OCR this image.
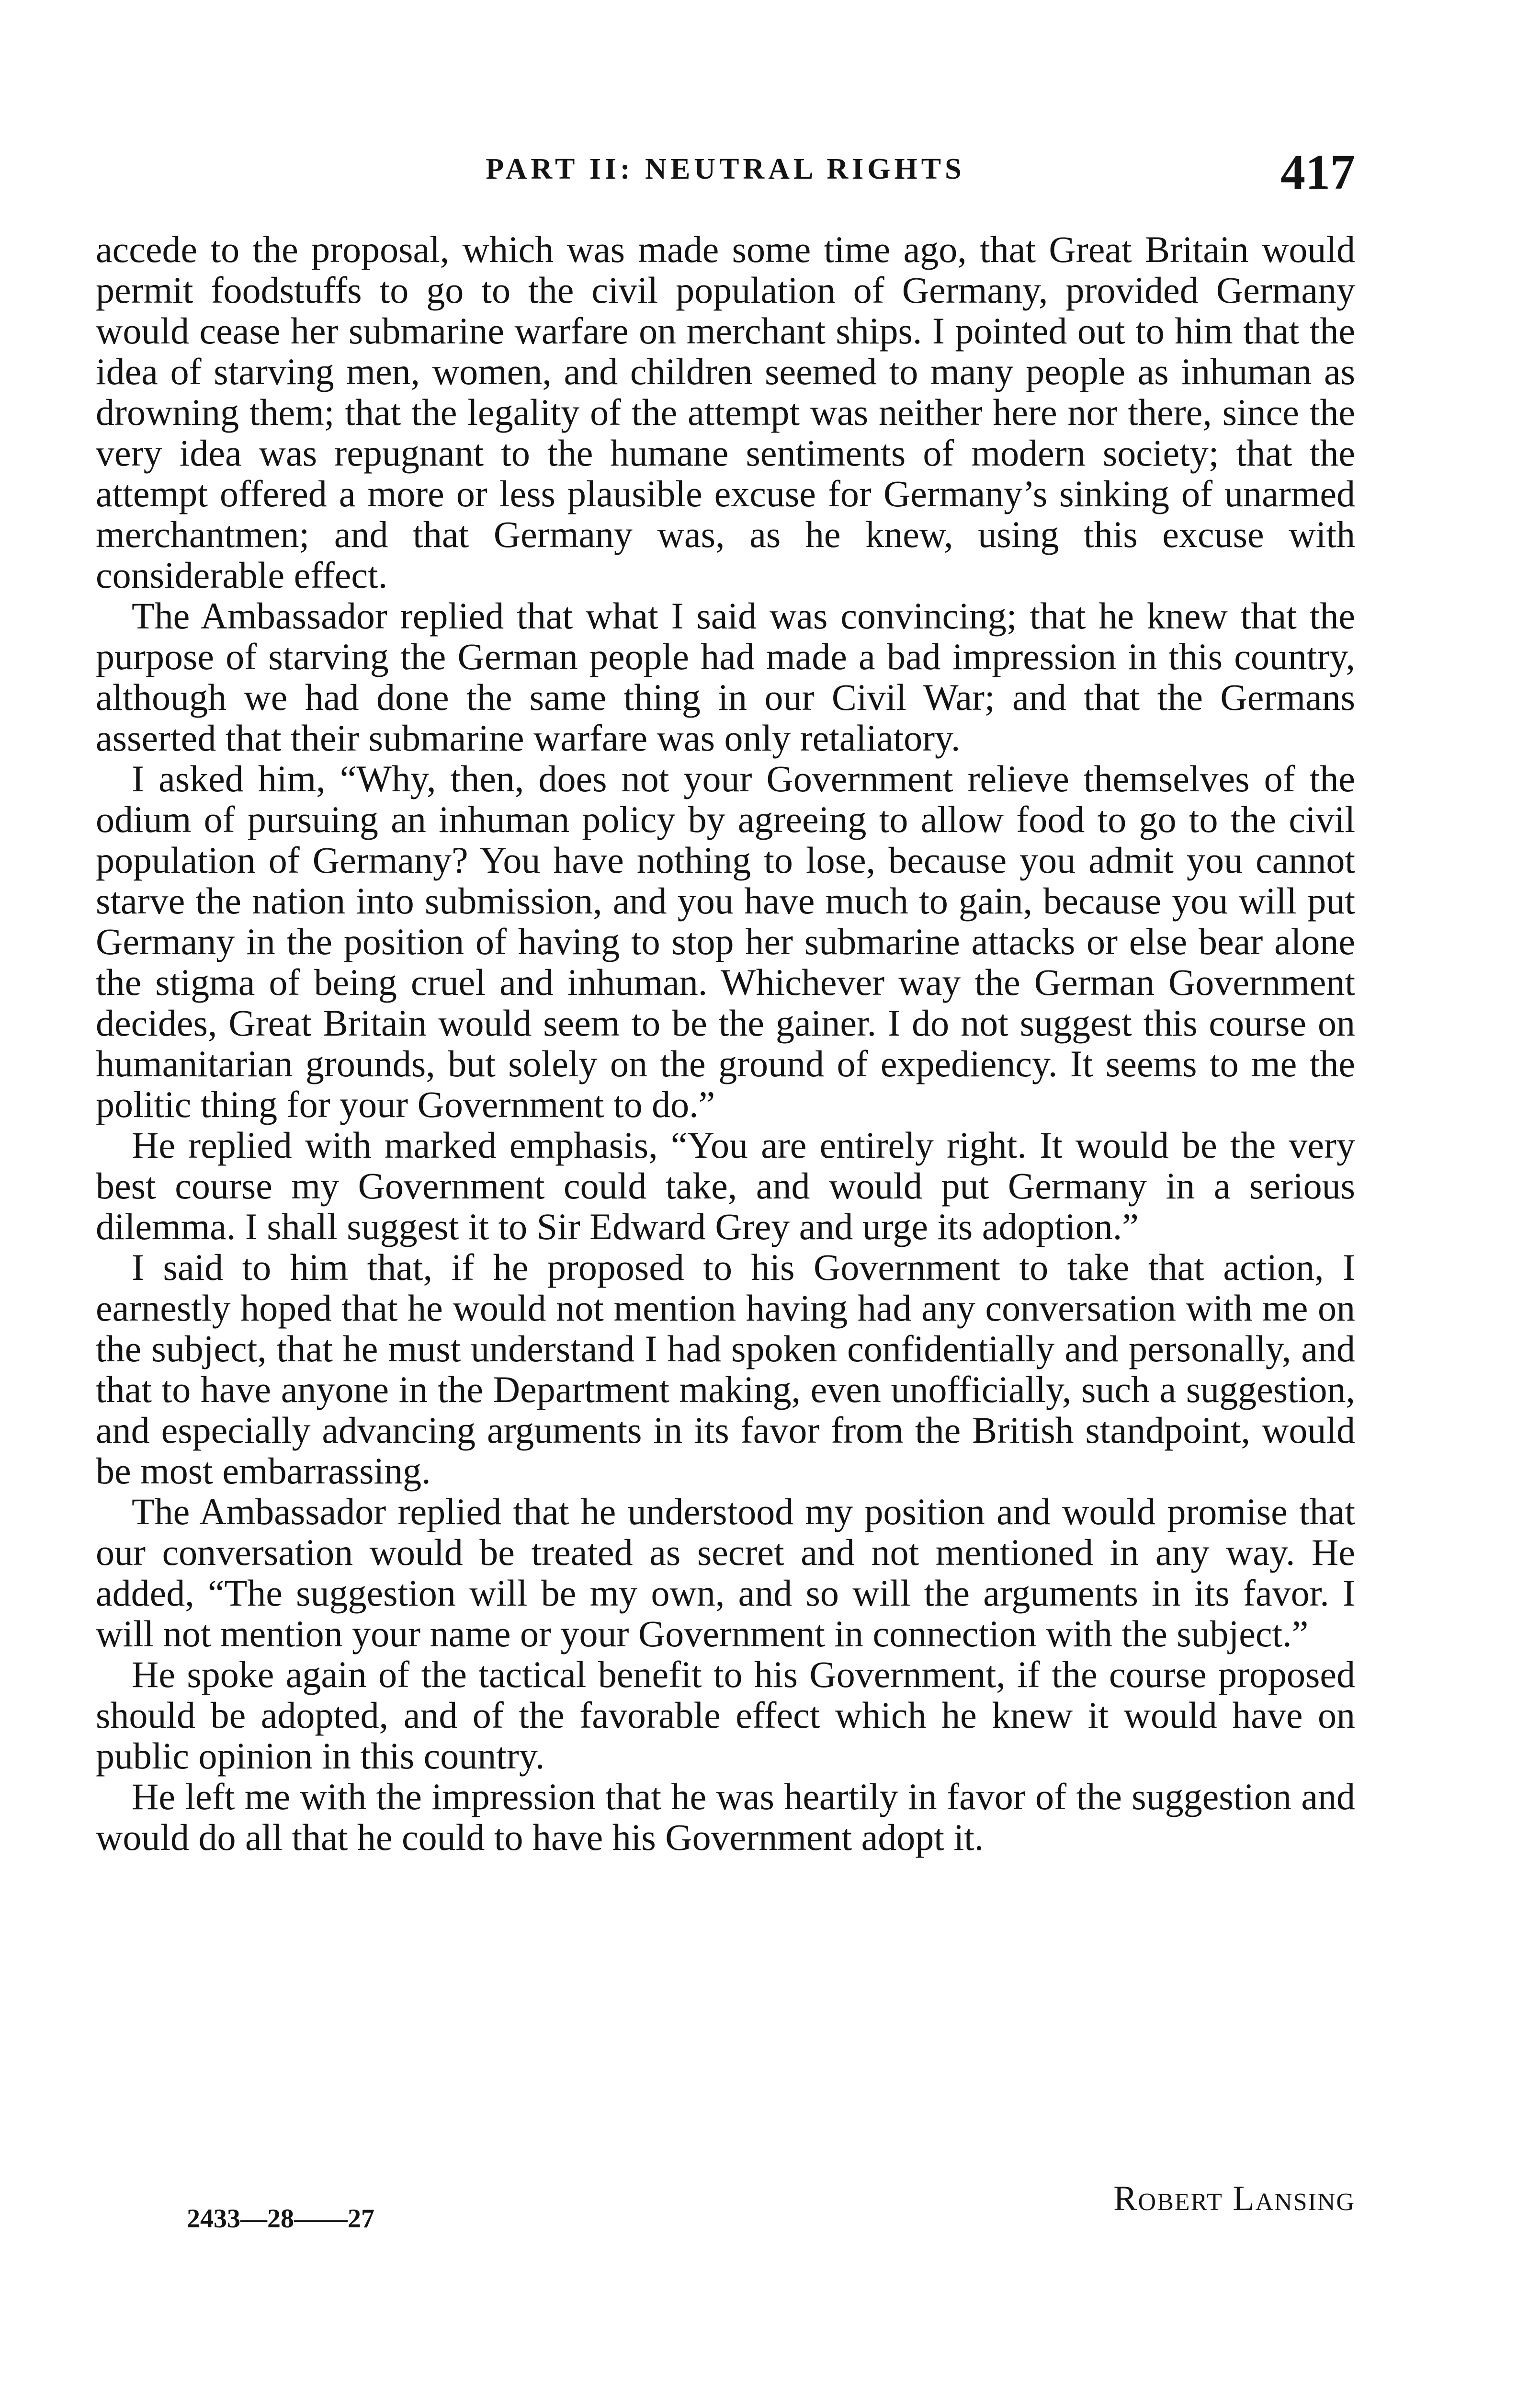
PART II: NEUTRAL RIGHTS	417

accede to the proposal, which was made some time ago, that Great Britain would permit foodstuffs to go to the civil population of Germany, provided Germany would cease her submarine warfare on merchant ships. I pointed out to him that the idea of starving men, women, and children seemed to many people as inhuman as drowning them; that the legality of the attempt was neither here nor there, since the very idea was repugnant to the humane sentiments of modern society; that the attempt offered a more or less plausible excuse for Germany’s sinking of unarmed merchantmen; and that Germany was, as he knew, using this excuse with considerable effect.

The Ambassador replied that what I said was convincing; that he knew that the purpose of starving the German people had made a bad impression in this country, although we had done the same thing in our Civil War; and that the Germans asserted that their submarine warfare was only retaliatory.

I asked him, “Why, then, does not your Government relieve themselves of the odium of pursuing an inhuman policy by agreeing to allow food to go to the civil population of Germany? You have nothing to lose, because you admit you cannot starve the nation into submission, and you have much to gain, because you will put Germany in the position of having to stop her submarine attacks or else bear alone the stigma of being cruel and inhuman. Whichever way the German Government decides, Great Britain would seem to be the gainer. I do not suggest this course on humanitarian grounds, but solely on the ground of expediency. It seems to me the politic thing for your Government to do.”

He replied with marked emphasis, “You are entirely right. It would be the very best course my Government could take, and would put Germany in a serious dilemma. I shall suggest it to Sir Edward Grey and urge its adoption.”

I said to him that, if he proposed to his Government to take that action, I earnestly hoped that he would not mention having had any conversation with me on the subject, that he must understand I had spoken confidentially and personally, and that to have anyone in the Department making, even unofficially, such a suggestion, and especially advancing arguments in its favor from the British standpoint, would be most embarrassing.

The Ambassador replied that he understood my position and would promise that our conversation would be treated as secret and not mentioned in any way. He added, “The suggestion will be my own, and so will the arguments in its favor. I will not mention your name or your Government in connection with the subject.”

He spoke again of the tactical benefit to his Government, if the course proposed should be adopted, and of the favorable effect which he knew it would have on public opinion in this country.

He left me with the impression that he was heartily in favor of the suggestion and would do all that he could to have his Government adopt it.

Robert Lansing
2433—28——27
